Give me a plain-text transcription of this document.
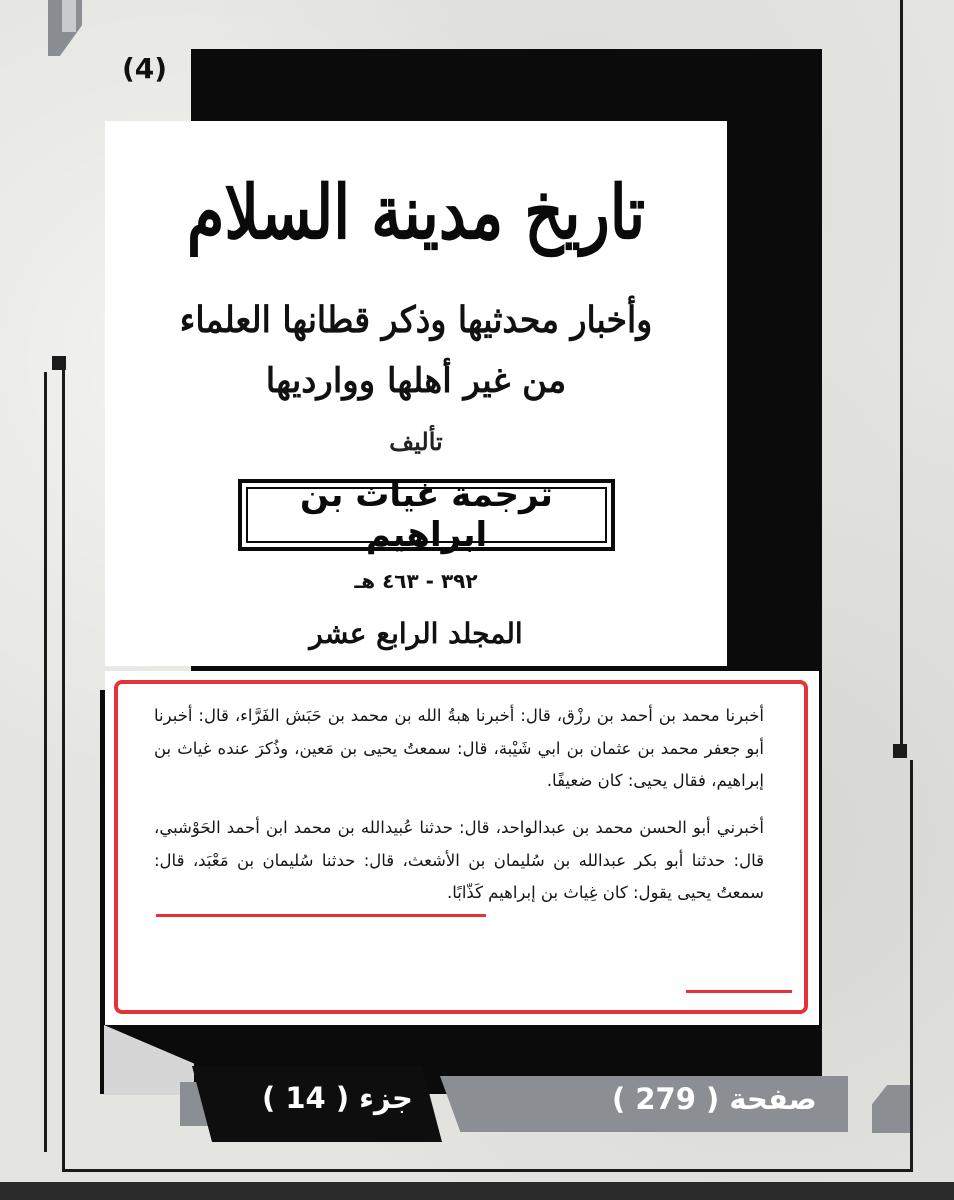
(4)
تاريخ مدينة السلام
وأخبار محدثيها وذكر قطانها العلماء
من غير أهلها ووارديها
تأليف
ترجمة غياث بن ابراهيم
٣٩٢ - ٤٦٣ هـ
المجلد الرابع عشر
أخبرنا محمد بن أحمد بن رزْق، قال: أخبرنا هبةُ الله بن محمد بن حَبَش الفَرَّاء، قال: أخبرنا أبو جعفر محمد بن عثمان بن ابي شَيْبة، قال: سمعتُ يحيى بن مَعين، وذُكرَ عنده غياث بن إبراهيم، فقال يحيى: كان ضعيفًا.
أخبرني أبو الحسن محمد بن عبدالواحد، قال: حدثنا عُبيدالله بن محمد ابن أحمد الحَوْشبي، قال: حدثنا أبو بكر عبدالله بن سُليمان بن الأشعث، قال: حدثنا سُليمان بن مَعْبَد، قال: سمعتُ يحيى يقول: كان غِياث بن إبراهيم كَذّابًا.
صفحة ( 279 )
جزء ( 14 )
